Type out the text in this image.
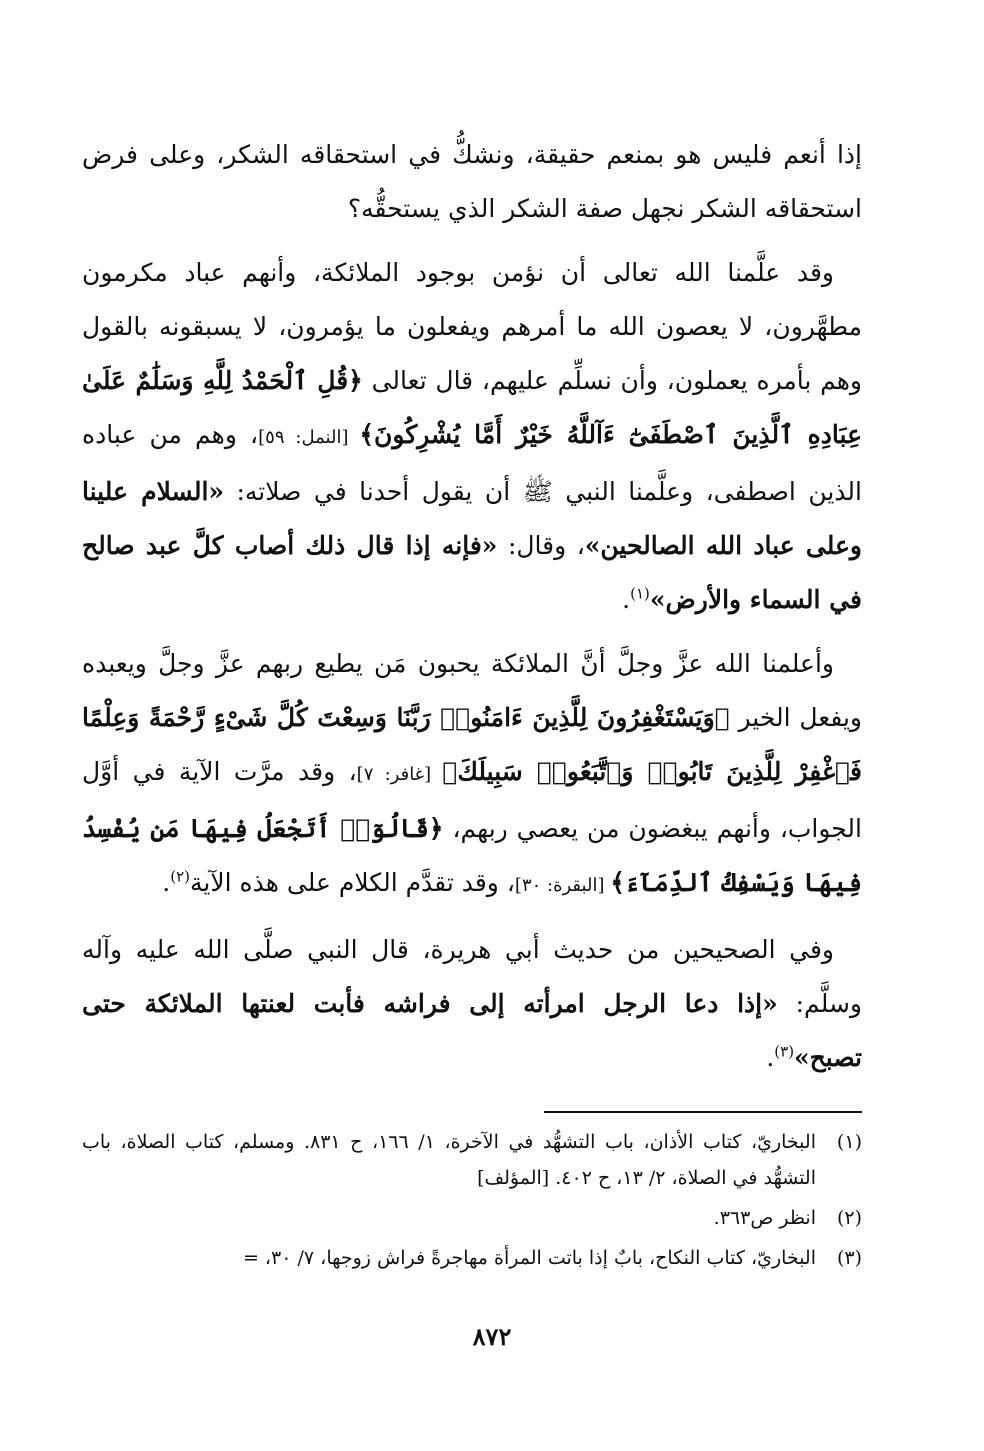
إذا أنعم فليس هو بمنعم حقيقة، ونشكُّ في استحقاقه الشكر، وعلى فرض استحقاقه الشكر نجهل صفة الشكر الذي يستحقُّه؟

وقد علَّمنا الله تعالى أن نؤمن بوجود الملائكة، وأنهم عباد مكرمون مطهَّرون، لا يعصون الله ما أمرهم ويفعلون ما يؤمرون، لا يسبقونه بالقول وهم بأمره يعملون، وأن نسلِّم عليهم، قال تعالى ﴿قُلِ ٱلْحَمْدُ لِلَّهِ وَسَلَٰمٌ عَلَىٰ عِبَادِهِ ٱلَّذِينَ ٱصْطَفَىٰٓ ءَآللَّهُ خَيْرٌ أَمَّا يُشْرِكُونَ﴾ [النمل: ٥٩]، وهم من عباده الذين اصطفى، وعلَّمنا النبي ﷺ أن يقول أحدنا في صلاته: «السلام علينا وعلى عباد الله الصالحين»، وقال: «فإنه إذا قال ذلك أصاب كلَّ عبد صالح في السماء والأرض»$^{(١)}$.

وأعلمنا الله عزَّ وجلَّ أنَّ الملائكة يحبون مَن يطيع ربهم عزَّ وجلَّ ويعبده ويفعل الخير ﴿وَيَسْتَغْفِرُونَ لِلَّذِينَ ءَامَنُوا۟ رَبَّنَا وَسِعْتَ كُلَّ شَىْءٍ رَّحْمَةً وَعِلْمًا فَٱغْفِرْ لِلَّذِينَ تَابُوا۟ وَٱتَّبَعُوا۟ سَبِيلَكَ﴾ [غافر: ٧]، وقد مرَّت الآية في أوَّل الجواب، وأنهم يبغضون من يعصي ربهم، ﴿قَالُوٓا۟ أَتَجْعَلُ فِيهَا مَن يُفْسِدُ فِيهَا وَيَسْفِكُ ٱلدِّمَآءَ﴾ [البقرة: ٣٠]، وقد تقدَّم الكلام على هذه الآية$^{(٢)}$.

وفي الصحيحين من حديث أبي هريرة، قال النبي صلَّى الله عليه وآله وسلَّم: «إذا دعا الرجل امرأته إلى فراشه فأبت لعنتها الملائكة حتى تصبح»$^{(٣)}$.

(١)البخاريّ، كتاب الأذان، باب التشهُّد في الآخرة، ١/ ١٦٦، ح ٨٣١. ومسلم، كتاب الصلاة، باب التشهُّد في الصلاة، ٢/ ١٣، ح ٤٠٢. [المؤلف]

(٢)انظر ص٣٦٣.

(٣)البخاريّ، كتاب النكاح، بابٌ إذا باتت المرأة مهاجرةً فراش زوجها، ٧/ ٣٠، =

٨٧٢
